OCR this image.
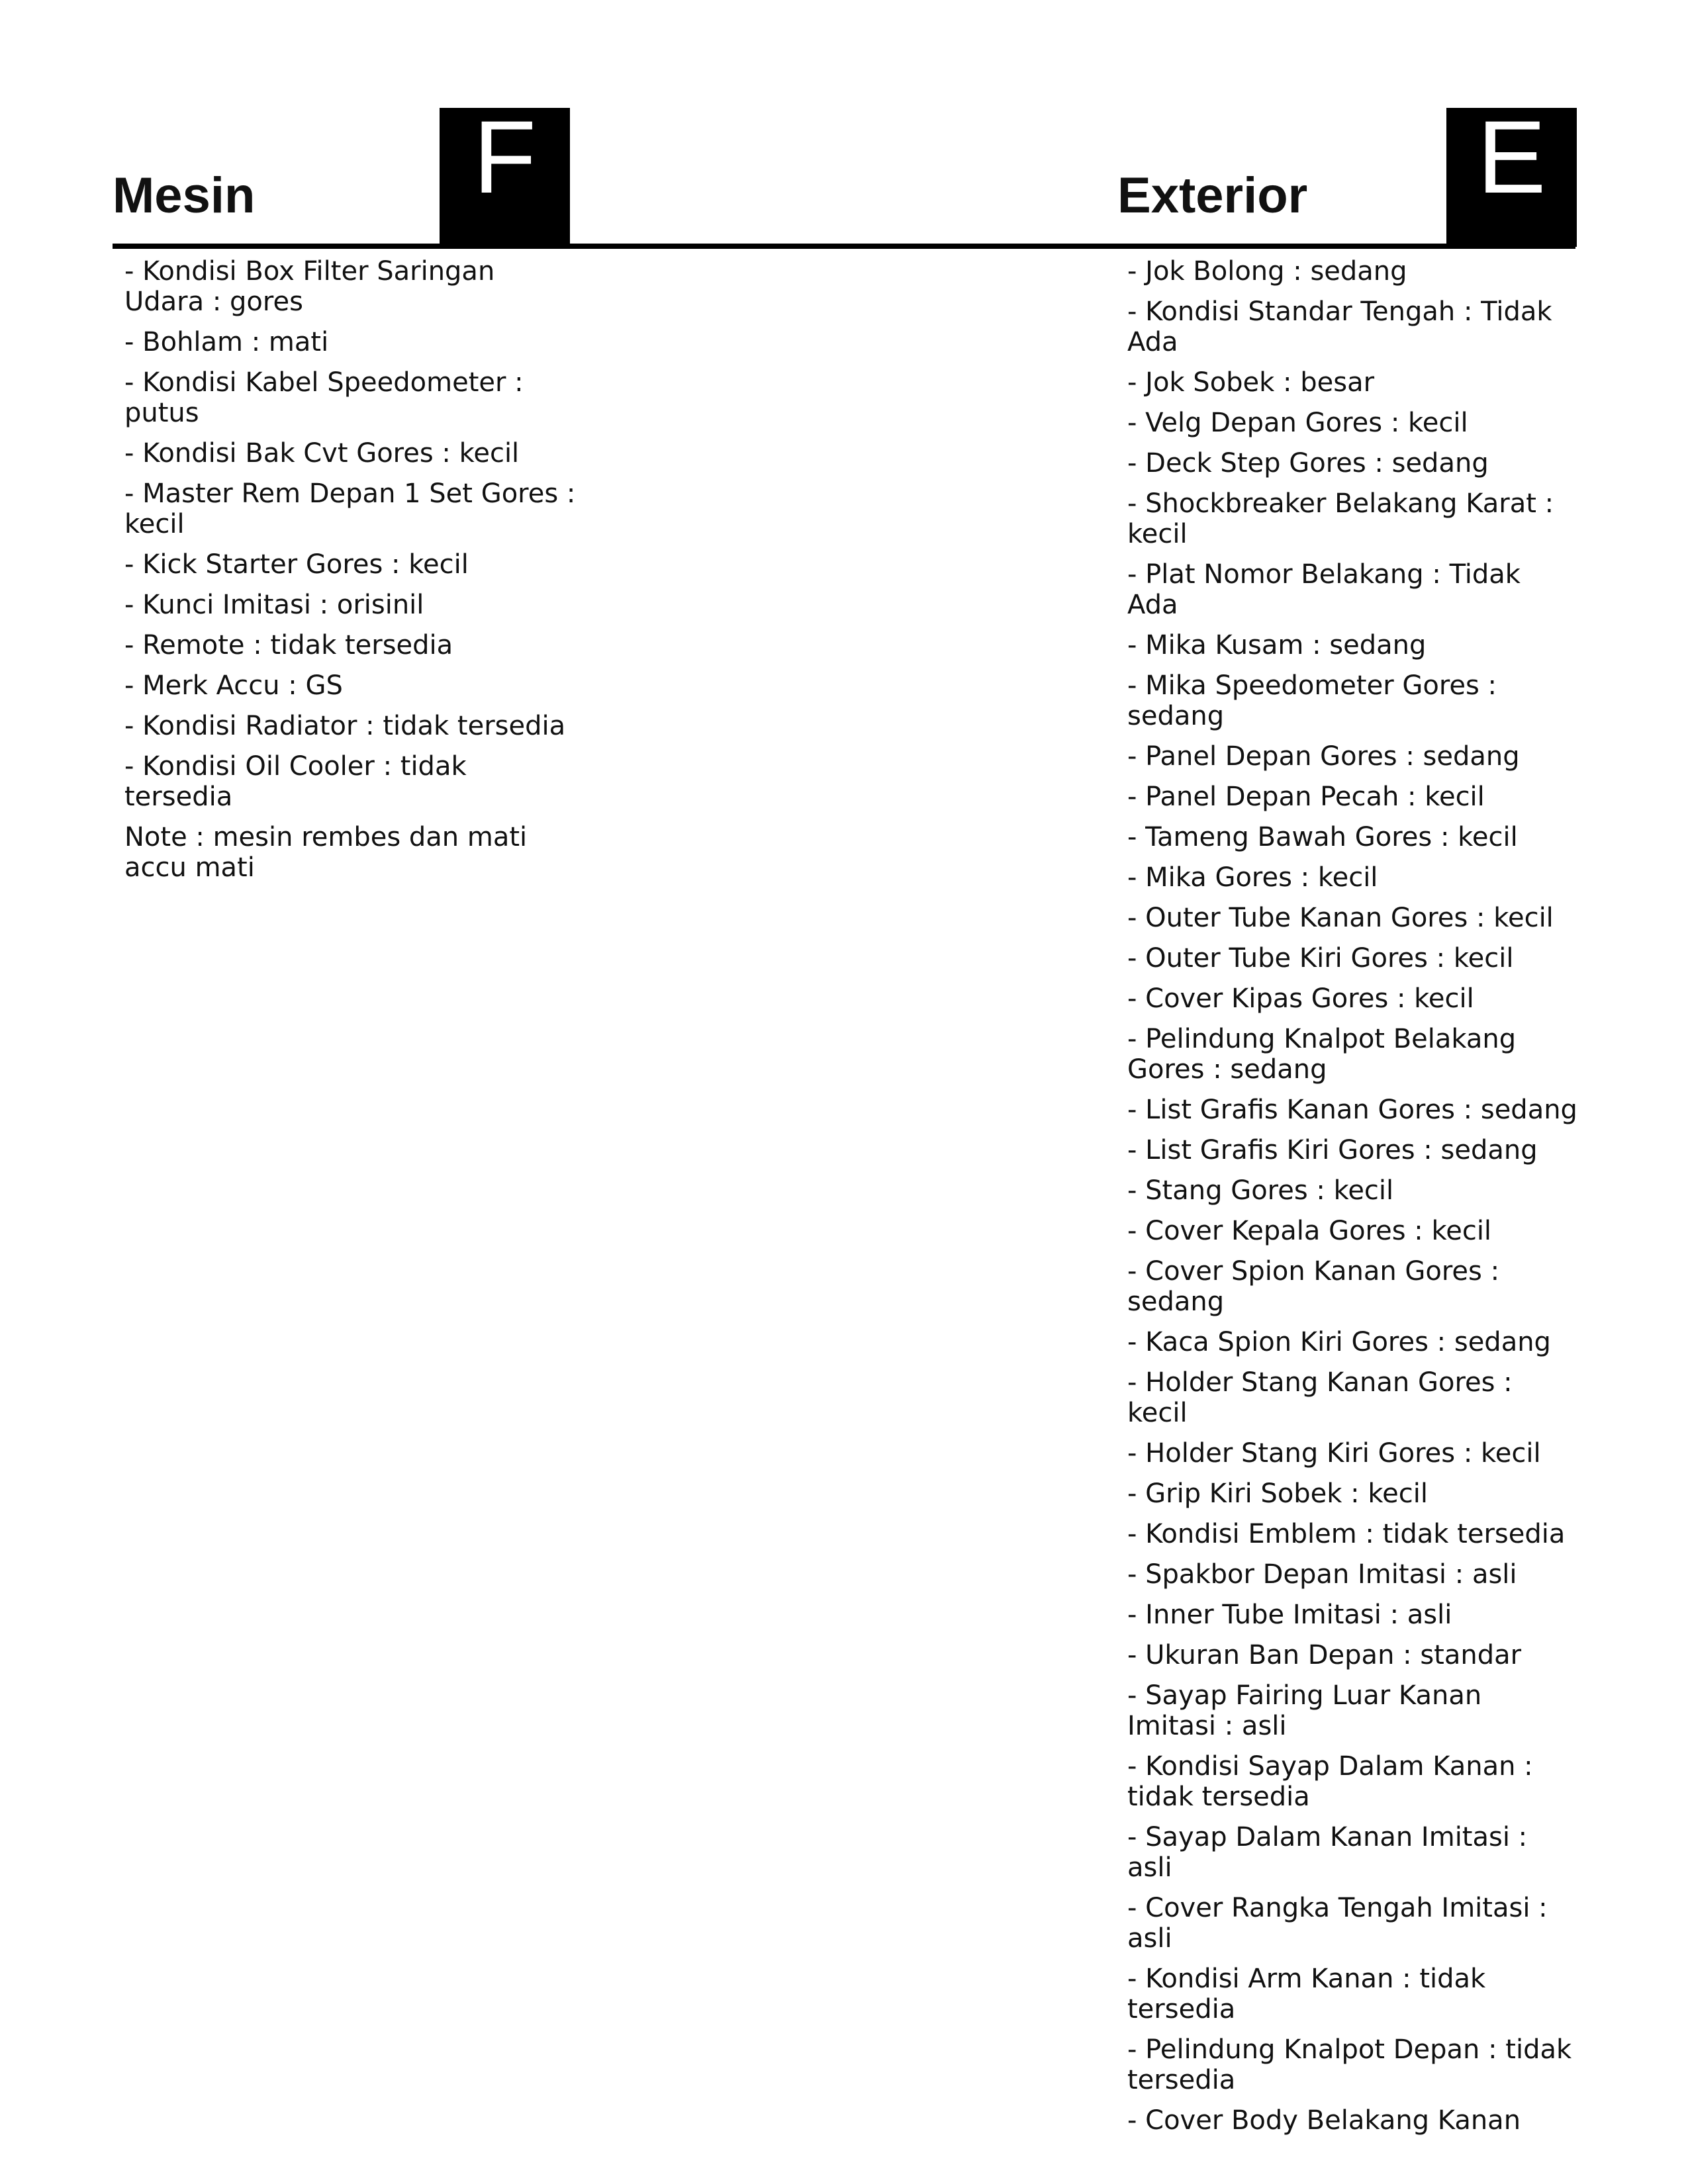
Mesin	F	Exterior E
- Kondisi Box Filter Saringan Udara : gores
- Bohlam : mati
- Kondisi Kabel Speedometer : putus
- Kondisi Bak Cvt Gores : kecil
- Master Rem Depan 1 Set Gores : kecil
- Kick Starter Gores : kecil
- Kunci Imitasi : orisinil
- Remote : tidak tersedia
- Merk Accu : GS
- Kondisi Radiator : tidak tersedia
- Kondisi Oil Cooler : tidak tersedia
Note : mesin rembes dan mati accu mati
- Jok Bolong : sedang
- Kondisi Standar Tengah : Tidak Ada
- Jok Sobek : besar
- Velg Depan Gores : kecil
- Deck Step Gores : sedang
- Shockbreaker Belakang Karat : kecil
- Plat Nomor Belakang : Tidak Ada
- Mika Kusam : sedang
- Mika Speedometer Gores : sedang
- Panel Depan Gores : sedang
- Panel Depan Pecah : kecil
- Tameng Bawah Gores : kecil
- Mika Gores : kecil
- Outer Tube Kanan Gores : kecil
- Outer Tube Kiri Gores : kecil
- Cover Kipas Gores : kecil
- Pelindung Knalpot Belakang Gores : sedang
- List Grafis Kanan Gores : sedang
- List Grafis Kiri Gores : sedang
- Stang Gores : kecil
- Cover Kepala Gores : kecil
- Cover Spion Kanan Gores : sedang
- Kaca Spion Kiri Gores : sedang
- Holder Stang Kanan Gores : kecil
- Holder Stang Kiri Gores : kecil
- Grip Kiri Sobek : kecil
- Kondisi Emblem : tidak tersedia
- Spakbor Depan Imitasi : asli
- Inner Tube Imitasi : asli
- Ukuran Ban Depan : standar
- Sayap Fairing Luar Kanan Imitasi : asli
- Kondisi Sayap Dalam Kanan : tidak tersedia
- Sayap Dalam Kanan Imitasi : asli
- Cover Rangka Tengah Imitasi : asli
- Kondisi Arm Kanan : tidak tersedia
- Pelindung Knalpot Depan : tidak tersedia
- Cover Body Belakang Kanan
